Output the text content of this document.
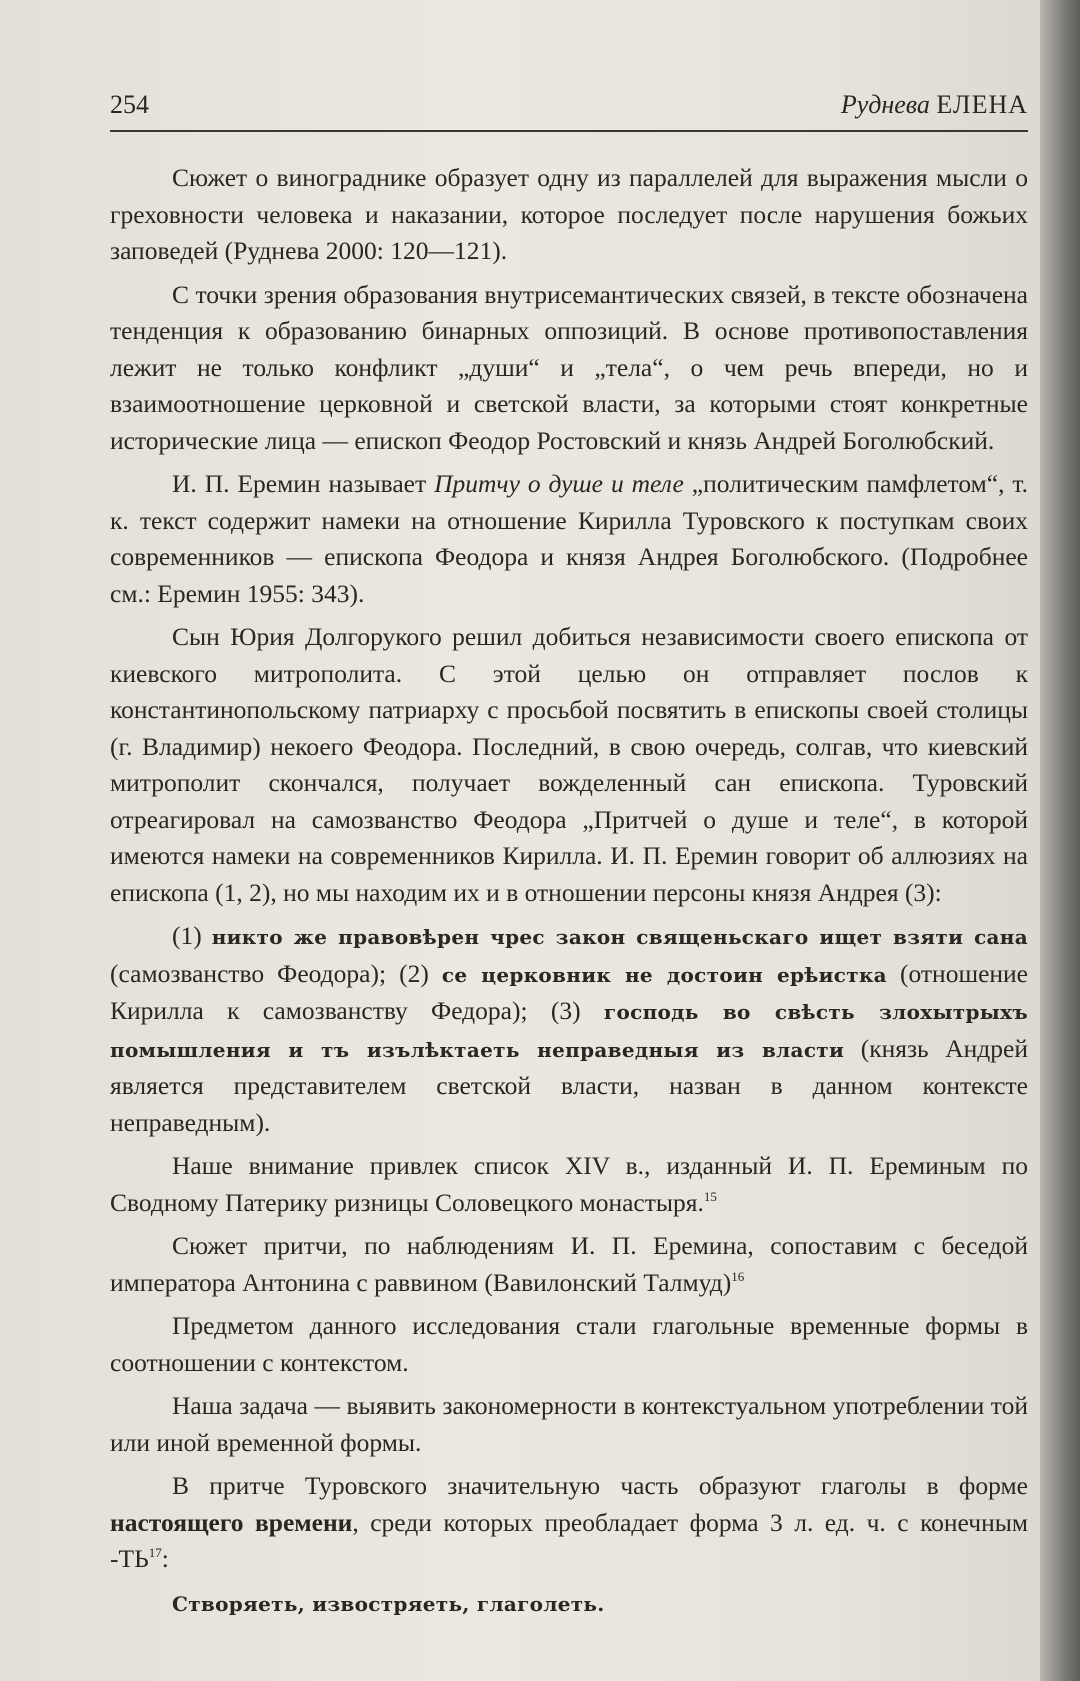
254	Руднева ЕЛЕНА

Сюжет о винограднике образует одну из параллелей для выражения мысли о греховности человека и наказании, которое последует после нарушения божьих заповедей (Руднева 2000: 120—121).

С точки зрения образования внутрисемантических связей, в тексте обозначена тенденция к образованию бинарных оппозиций. В основе противопоставления лежит не только конфликт „души“ и „тела“, о чем речь впереди, но и взаимоотношение церковной и светской власти, за которыми стоят конкретные исторические лица — епископ Феодор Ростовский и князь Андрей Боголюбский.

И. П. Еремин называет Притчу о душе и теле „политическим памфлетом“, т. к. текст содержит намеки на отношение Кирилла Туровского к поступкам своих современников — епископа Феодора и князя Андрея Боголюбского. (Подробнее см.: Еремин 1955: 343).

Сын Юрия Долгорукого решил добиться независимости своего епископа от киевского митрополита. С этой целью он отправляет послов к константинопольскому патриарху с просьбой посвятить в епископы своей столицы (г. Владимир) некоего Феодора. Последний, в свою очередь, солгав, что киевский митрополит скончался, получает вожделенный сан епископа. Туровский отреагировал на самозванство Феодора „Притчей о душе и теле“, в которой имеются намеки на современников Кирилла. И. П. Еремин говорит об аллюзиях на епископа (1, 2), но мы находим их и в отношении персоны князя Андрея (3):

(1) никто же правовѣрен чрес закон священьскаго ищет взяти сана (самозванство Феодора); (2) се церковник не достоин ерѣистка (отношение Кирилла к самозванству Федора); (3) господь во свѣсть злохытрыхъ помышления и тъ изълѣктаеть неправедныя из власти (князь Андрей является представителем светской власти, назван в данном контексте неправедным).

Наше внимание привлек список XIV в., изданный И. П. Ереминым по Сводному Патерику ризницы Соловецкого монастыря.$^{15}$

Сюжет притчи, по наблюдениям И. П. Еремина, сопоставим с беседой императора Антонина с раввином (Вавилонский Талмуд)$^{16}$

Предметом данного исследования стали глагольные временные формы в соотношении с контекстом.

Наша задача — выявить закономерности в контекстуальном употреблении той или иной временной формы.

В притче Туровского значительную часть образуют глаголы в форме настоящего времени, среди которых преобладает форма 3 л. ед. ч. с конечным -ТЬ$^{17}$:

Створяеть, извостряеть, глаголеть.
